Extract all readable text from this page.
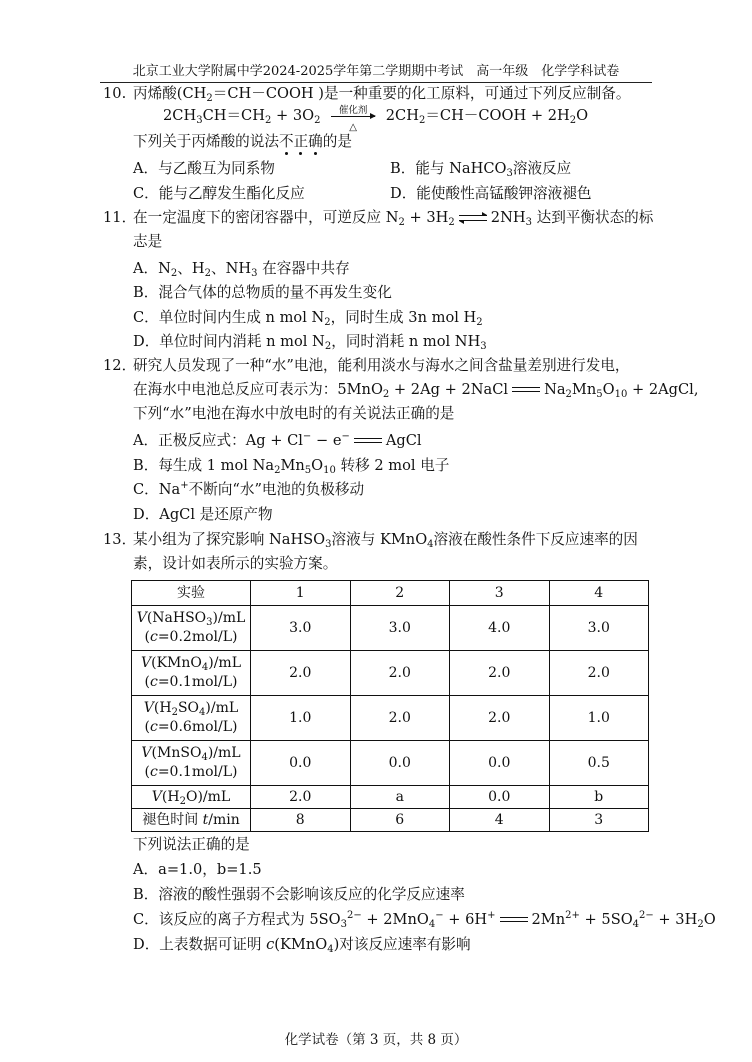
北京工业大学附属中学2024-2025学年第二学期期中考试　高一年级　化学学科试卷
10. 丙烯酸($CH_2=CH-COOH$ )是一种重要的化工原料，可通过下列反应制备。
$2CH_3CH=CH_2 + 3O_2$
催化剂
△
$2CH_2=CH-COOH + 2H_2O$
下列关于丙烯酸的说法不正确的是
A．与乙酸互为同系物	B．能与 NaHCO$_3$溶液反应
C．能与乙醇发生酯化反应	D．能使酸性高锰酸钾溶液褪色
11．在一定温度下的密闭容器中，可逆反应 $N_2 + 3H_2$ ⇌ $2NH_3$ 达到平衡状态的标
志是
A．$N_2$、$H_2$、$NH_3$ 在容器中共存
B．混合气体的总物质的量不再发生变化
C．单位时间内生成 n mol $N_2$，同时生成 3n mol $H_2$
D．单位时间内消耗 n mol $N_2$，同时消耗 n mol $NH_3$
12．研究人员发现了一种“水”电池，能利用淡水与海水之间含盐量差别进行发电，
在海水中电池总反应可表示为：5MnO$_2$ + 2Ag + 2NaCl $Na_2Mn_5O_{10}$ + 2AgCl,
下列“水”电池在海水中放电时的有关说法正确的是
A．正极反应式：Ag + Cl− − e− AgCl
B．每生成 1 mol $Na_2Mn_5O_{10}$ 转移 2 mol 电子
C．Na+不断向“水”电池的负极移动
D．AgCl 是还原产物
13．某小组为了探究影响 NaHSO$_3$溶液与 KMnO$_4$溶液在酸性条件下反应速率的因
素，设计如表所示的实验方案。
实验	1	2	3	4
V(NaHSO$_3$)/mL
(c=0.2mol/L)	3.0	3.0	4.0	3.0
V(KMnO$_4$)/mL
(c=0.1mol/L)	2.0	2.0	2.0	2.0
$V(H_2SO_4)/mL$
(c=0.6mol/L)	1.0	2.0	2.0	1.0
V(MnSO$_4$)/mL
(c=0.1mol/L)	0.0	0.0	0.0	0.5
$V(H_2O)/mL$	2.0	a	0.0	b
褪色时间 t/min	8	6	4	3
下列说法正确的是
A．a=1.0，b=1.5
B．溶液的酸性强弱不会影响该反应的化学反应速率
C．该反应的离子方程式为 $5SO_3^{2-} + 2MnO_4^- + 6H^+$ $2Mn^{2+} + 5SO_4^{2-} + 3H_2O$
D．上表数据可证明 c(KMnO$_4$)对该反应速率有影响
化学试卷（第 3 页，共 8 页）
